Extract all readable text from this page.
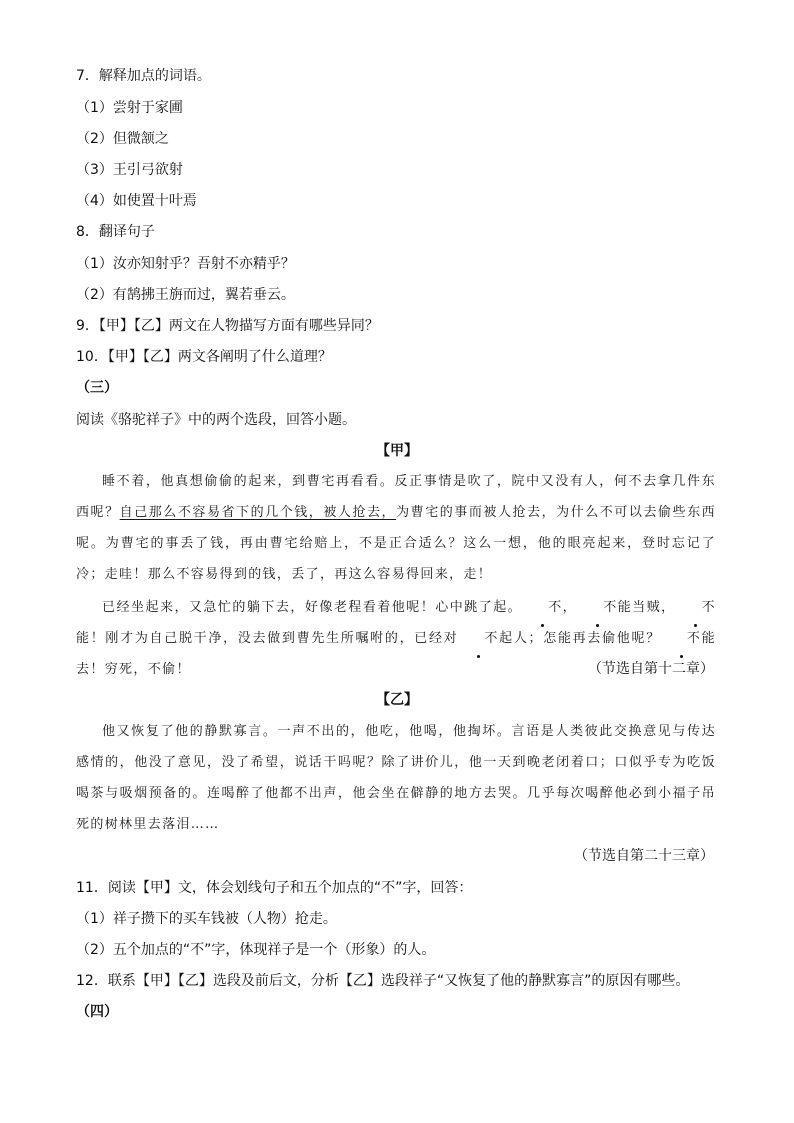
7．解释加点的词语。
（1）尝射于家圃
（2）但微颔之
（3）王引弓欲射
（4）如使置十叶焉
8．翻译句子
（1）汝亦知射乎？吾射不亦精乎？
（2）有鹄拂王旃而过，翼若垂云。
9．【甲】【乙】两文在人物描写方面有哪些异同？
10．【甲】【乙】两文各阐明了什么道理？
（三）
阅读《骆驼祥子》中的两个选段，回答小题。
【甲】
睡不着，他真想偷偷的起来，到曹宅再看看。反正事情是吹了，院中又没有人，何不去拿几件东西呢？自己那么不容易省下的几个钱，被人抢去，为曹宅的事而被人抢去，为什么不可以去偷些东西呢。为曹宅的事丢了钱，再由曹宅给赔上，不是正合适么？这么一想，他的眼亮起来，登时忘记了冷；走哇！那么不容易得到的钱，丢了，再这么容易得回来，走！
已经坐起来，又急忙的躺下去，好像老程看着他呢！心中跳了起。 不， 不能当贼， 不能！刚才为自己脱干净，没去做到曹先生所嘱咐的，已经对 不起人；怎能再去偷他呢？ 不能去！穷死，不偷！	（节选自第十二章）
【乙】
他又恢复了他的静默寡言。一声不出的，他吃，他喝，他掏坏。言语是人类彼此交换意见与传达感情的，他没了意见，没了希望，说话干吗呢？除了讲价儿，他一天到晚老闭着口；口似乎专为吃饭喝茶与吸烟预备的。连喝醉了他都不出声，他会坐在僻静的地方去哭。几乎每次喝醉他必到小福子吊死的树林里去落泪……
（节选自第二十三章）
11．阅读【甲】文，体会划线句子和五个加点的“不”字，回答：
（1）祥子攒下的买车钱被（人物）抢走。
（2）五个加点的“不”字，体现祥子是一个（形象）的人。
12．联系【甲】【乙】选段及前后文，分析【乙】选段祥子“又恢复了他的静默寡言”的原因有哪些。
（四）
